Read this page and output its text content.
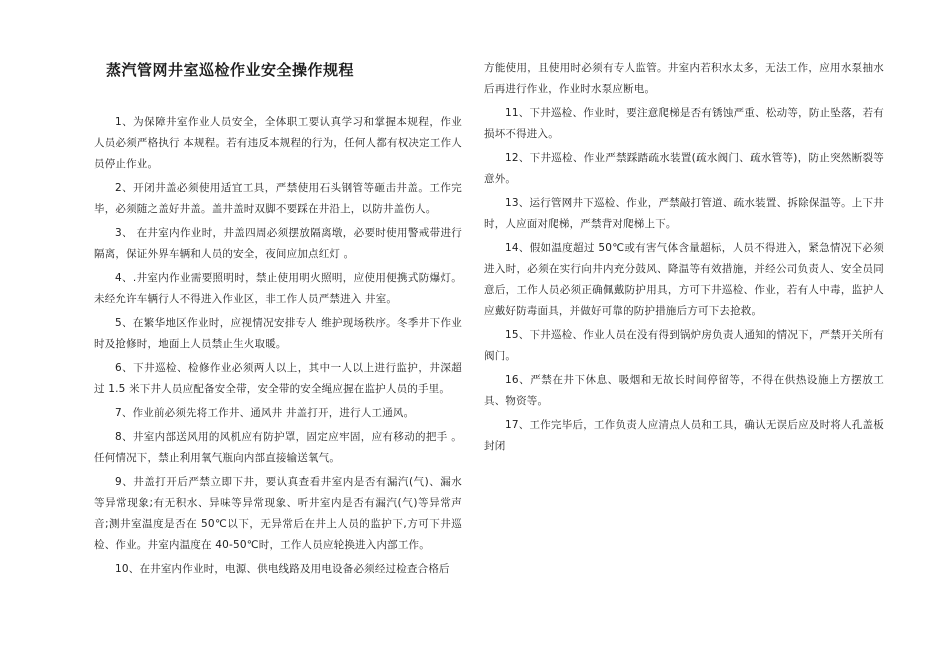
蒸汽管网井室巡检作业安全操作规程

1、为保障井室作业人员安全，全体职工要认真学习和掌握本规程，作业人员必须严格执行 本规程。若有违反本规程的行为，任何人都有权决定工作人员停止作业。

2、开闭井盖必须使用适宜工具，严禁使用石头钢管等砸击井盖。工作完毕，必须随之盖好井盖。盖井盖时双脚不要踩在井沿上，以防井盖伤人。

3、 在井室内作业时，井盖四周必须摆放隔离墩，必要时使用警戒带进行隔离，保证外界车辆和人员的安全，夜间应加点红灯 。

4、.井室内作业需要照明时，禁止使用明火照明，应使用便携式防爆灯。未经允许车辆行人不得进入作业区，非工作人员严禁进入 井室。

5、在繁华地区作业时，应视情况安排专人 维护现场秩序。冬季井下作业时及抢修时，地面上人员禁止生火取暖。

6、下井巡检、检修作业必须两人以上，其中一人以上进行监护，井深超过 1.5 米下井人员应配备安全带，安全带的安全绳应握在监护人员的手里。

7、作业前必须先将工作井、通风井 井盖打开，进行人工通风。

8、井室内部送风用的风机应有防护罩，固定应牢固，应有移动的把手 。任何情况下，禁止利用氧气瓶向内部直接输送氧气。

9、井盖打开后严禁立即下井，要认真查看井室内是否有漏汽(气)、漏水等异常现象;有无积水、异味等异常现象、听井室内是否有漏汽(气)等异常声音;测井室温度是否在 50℃以下，无异常后在井上人员的监护下,方可下井巡检、作业。井室内温度在 40-50℃时，工作人员应轮换进入内部工作。

10、在井室内作业时，电源、供电线路及用电设备必须经过检查合格后

方能使用，且使用时必须有专人监管。井室内若积水太多，无法工作，应用水泵抽水后再进行作业，作业时水泵应断电。

11、下井巡检、作业时，要注意爬梯是否有锈蚀严重、松动等，防止坠落，若有损坏不得进入。

12、下井巡检、作业严禁踩踏疏水装置(疏水阀门、疏水管等)，防止突然断裂等意外。

13、运行管网井下巡检、作业，严禁敲打管道、疏水装置、拆除保温等。上下井时，人应面对爬梯，严禁背对爬梯上下。

14、假如温度超过 50℃或有害气体含量超标，人员不得进入，紧急情况下必须进入时，必须在实行向井内充分鼓风、降温等有效措施，并经公司负责人、安全员同意后，工作人员必须正确佩戴防护用具，方可下井巡检、作业，若有人中毒，监护人应戴好防毒面具，并做好可靠的防护措施后方可下去抢救。

15、下井巡检、作业人员在没有得到锅炉房负责人通知的情况下，严禁开关所有阀门。

16、严禁在井下休息、吸烟和无故长时间停留等，不得在供热设施上方摆放工具、物资等。

17、工作完毕后，工作负责人应清点人员和工具，确认无误后应及时将人孔盖板封闭
